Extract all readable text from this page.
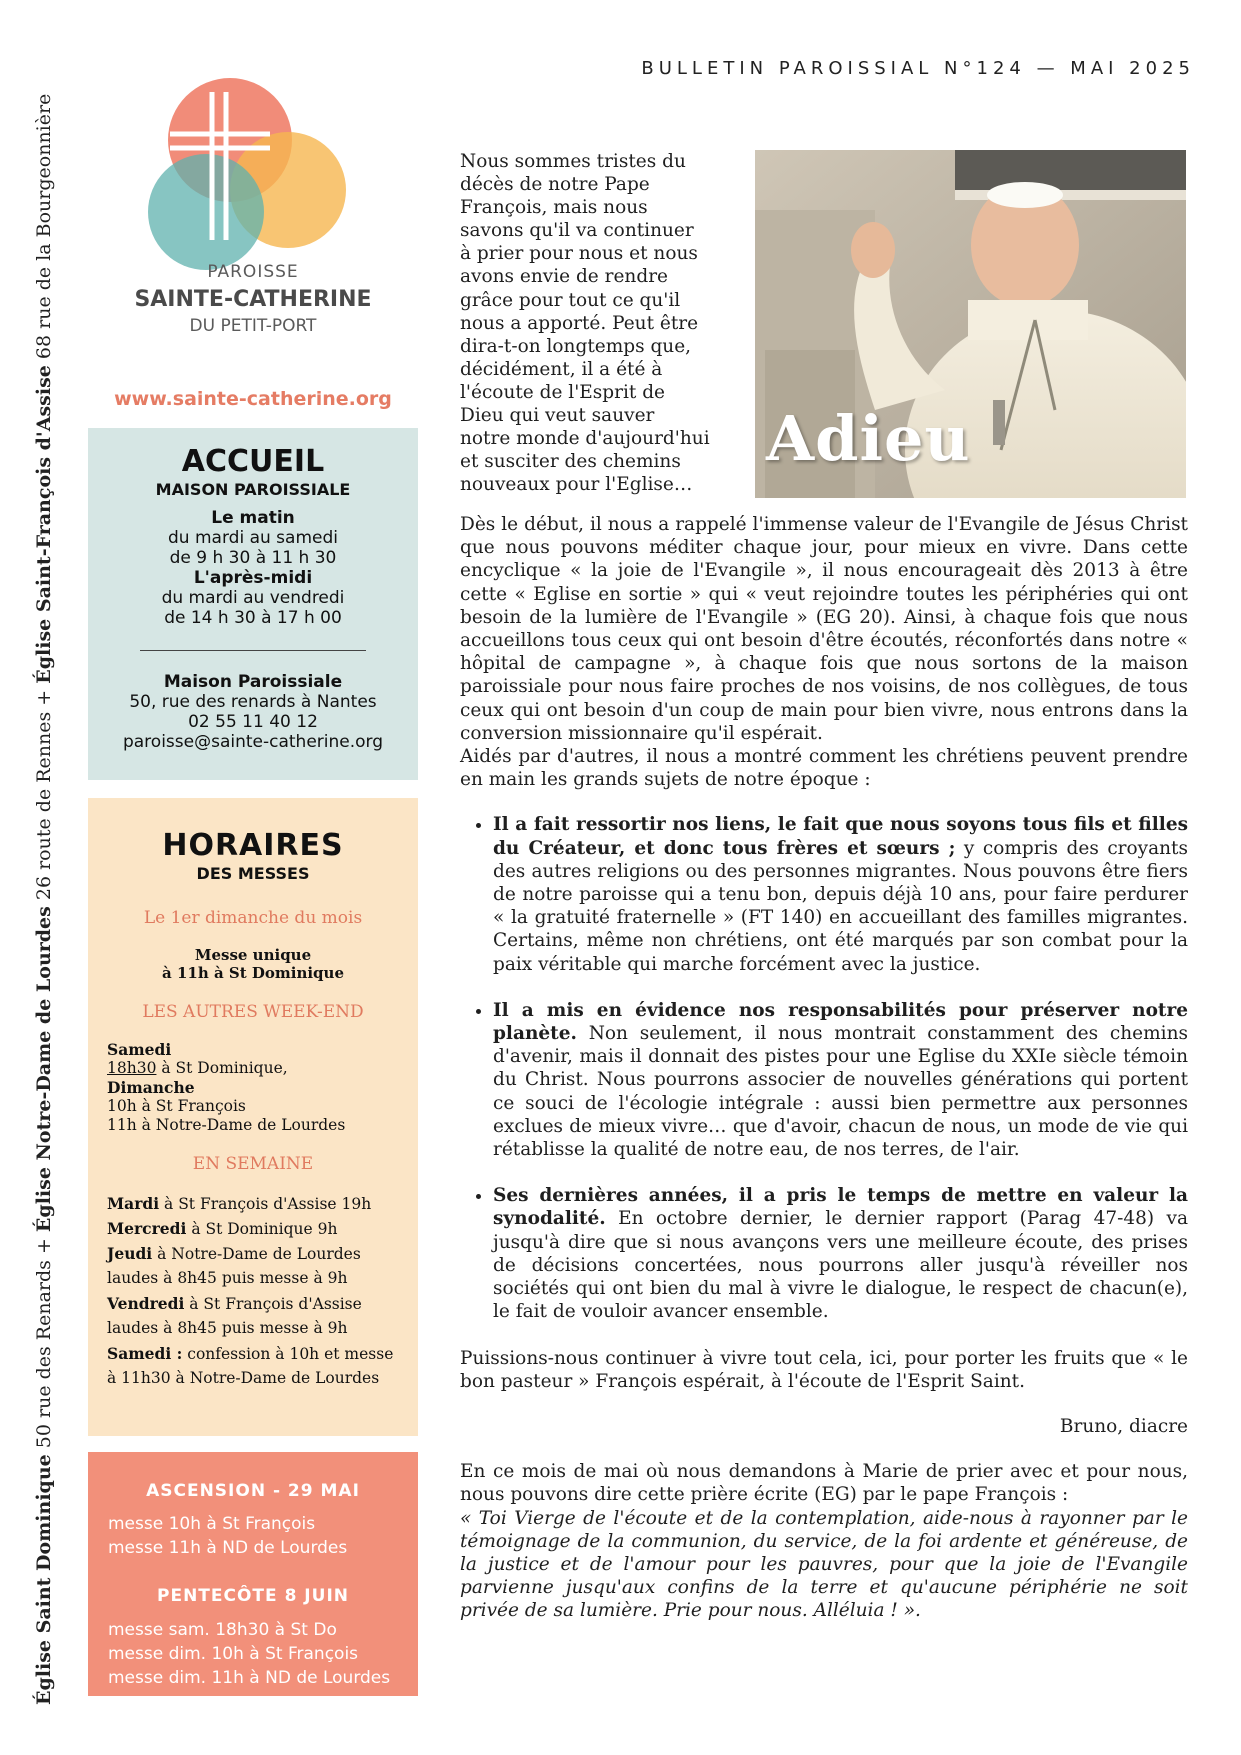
BULLETIN PAROISSIAL N°124 — MAI 2025
Église Saint Dominique 50 rue des Renards + Église Notre-Dame de Lourdes 26 route de Rennes + Église Saint-François d'Assise 68 rue de la Bourgeonnière	PAROISSE
SAINTE-CATHERINE
DU PETIT-PORT
www.sainte-catherine.org
ACCUEIL
MAISON PAROISSIALE
Le matin
du mardi au samedi
de 9 h 30 à 11 h 30
L'après-midi
du mardi au vendredi
de 14 h 30 à 17 h 00
Maison Paroissiale
50, rue des renards à Nantes
02 55 11 40 12
paroisse@sainte-catherine.org
HORAIRES
DES MESSES
Le 1er dimanche du mois
Messe unique
à 11h à St Dominique
LES AUTRES WEEK-END
Samedi
18h30 à St Dominique,
Dimanche
10h à St François
11h à Notre-Dame de Lourdes
EN SEMAINE
Mardi à St François d'Assise 19h
Mercredi à St Dominique 9h
Jeudi à Notre-Dame de Lourdes
laudes à 8h45 puis messe à 9h
Vendredi à St François d'Assise
laudes à 8h45 puis messe à 9h
Samedi : confession à 10h et messe
à 11h30 à Notre-Dame de Lourdes
ASCENSION - 29 MAI
messe 10h à St François
messe 11h à ND de Lourdes
PENTECÔTE 8 JUIN
messe sam. 18h30 à St Do
messe dim. 10h à St François
messe dim. 11h à ND de Lourdes
Adieu
Nous sommes tristes du
décès de notre Pape
François, mais nous
savons qu'il va continuer
à prier pour nous et nous
avons envie de rendre
grâce pour tout ce qu'il
nous a apporté. Peut être
dira-t-on longtemps que,
décidément, il a été à
l'écoute de l'Esprit de
Dieu qui veut sauver
notre monde d'aujourd'hui
et susciter des chemins
nouveaux pour l'Eglise…

Dès le début, il nous a rappelé l'immense valeur de l'Evangile de Jésus Christ que nous pouvons méditer chaque jour, pour mieux en vivre. Dans cette encyclique « la joie de l'Evangile », il nous encourageait dès 2013 à être cette « Eglise en sortie » qui « veut rejoindre toutes les périphéries qui ont besoin de la lumière de l'Evangile » (EG 20). Ainsi, à chaque fois que nous accueillons tous ceux qui ont besoin d'être écoutés, réconfortés dans notre « hôpital de campagne », à chaque fois que nous sortons de la maison paroissiale pour nous faire proches de nos voisins, de nos collègues, de tous ceux qui ont besoin d'un coup de main pour bien vivre, nous entrons dans la conversion missionnaire qu'il espérait.

Aidés par d'autres, il nous a montré comment les chrétiens peuvent prendre en main les grands sujets de notre époque :

• Il a fait ressortir nos liens, le fait que nous soyons tous fils et filles du Créateur, et donc tous frères et sœurs ; y compris des croyants des autres religions ou des personnes migrantes. Nous pouvons être fiers de notre paroisse qui a tenu bon, depuis déjà 10 ans, pour faire perdurer « la gratuité fraternelle » (FT 140) en accueillant des familles migrantes. Certains, même non chrétiens, ont été marqués par son combat pour la paix véritable qui marche forcément avec la justice.
• Il a mis en évidence nos responsabilités pour préserver notre planète. Non seulement, il nous montrait constamment des chemins d'avenir, mais il donnait des pistes pour une Eglise du XXIe siècle témoin du Christ. Nous pourrons associer de nouvelles générations qui portent ce souci de l'écologie intégrale : aussi bien permettre aux personnes exclues de mieux vivre… que d'avoir, chacun de nous, un mode de vie qui rétablisse la qualité de notre eau, de nos terres, de l'air.
• Ses dernières années, il a pris le temps de mettre en valeur la synodalité. En octobre dernier, le dernier rapport (Parag 47-48) va jusqu'à dire que si nous avançons vers une meilleure écoute, des prises de décisions concertées, nous pourrons aller jusqu'à réveiller nos sociétés qui ont bien du mal à vivre le dialogue, le respect de chacun(e), le fait de vouloir avancer ensemble.

Puissions-nous continuer à vivre tout cela, ici, pour porter les fruits que « le bon pasteur » François espérait, à l'écoute de l'Esprit Saint.

Bruno, diacre

En ce mois de mai où nous demandons à Marie de prier avec et pour nous, nous pouvons dire cette prière écrite (EG) par le pape François :

« Toi Vierge de l'écoute et de la contemplation, aide-nous à rayonner par le témoignage de la communion, du service, de la foi ardente et généreuse, de la justice et de l'amour pour les pauvres, pour que la joie de l'Evangile parvienne jusqu'aux confins de la terre et qu'aucune périphérie ne soit privée de sa lumière. Prie pour nous. Alléluia ! ».
